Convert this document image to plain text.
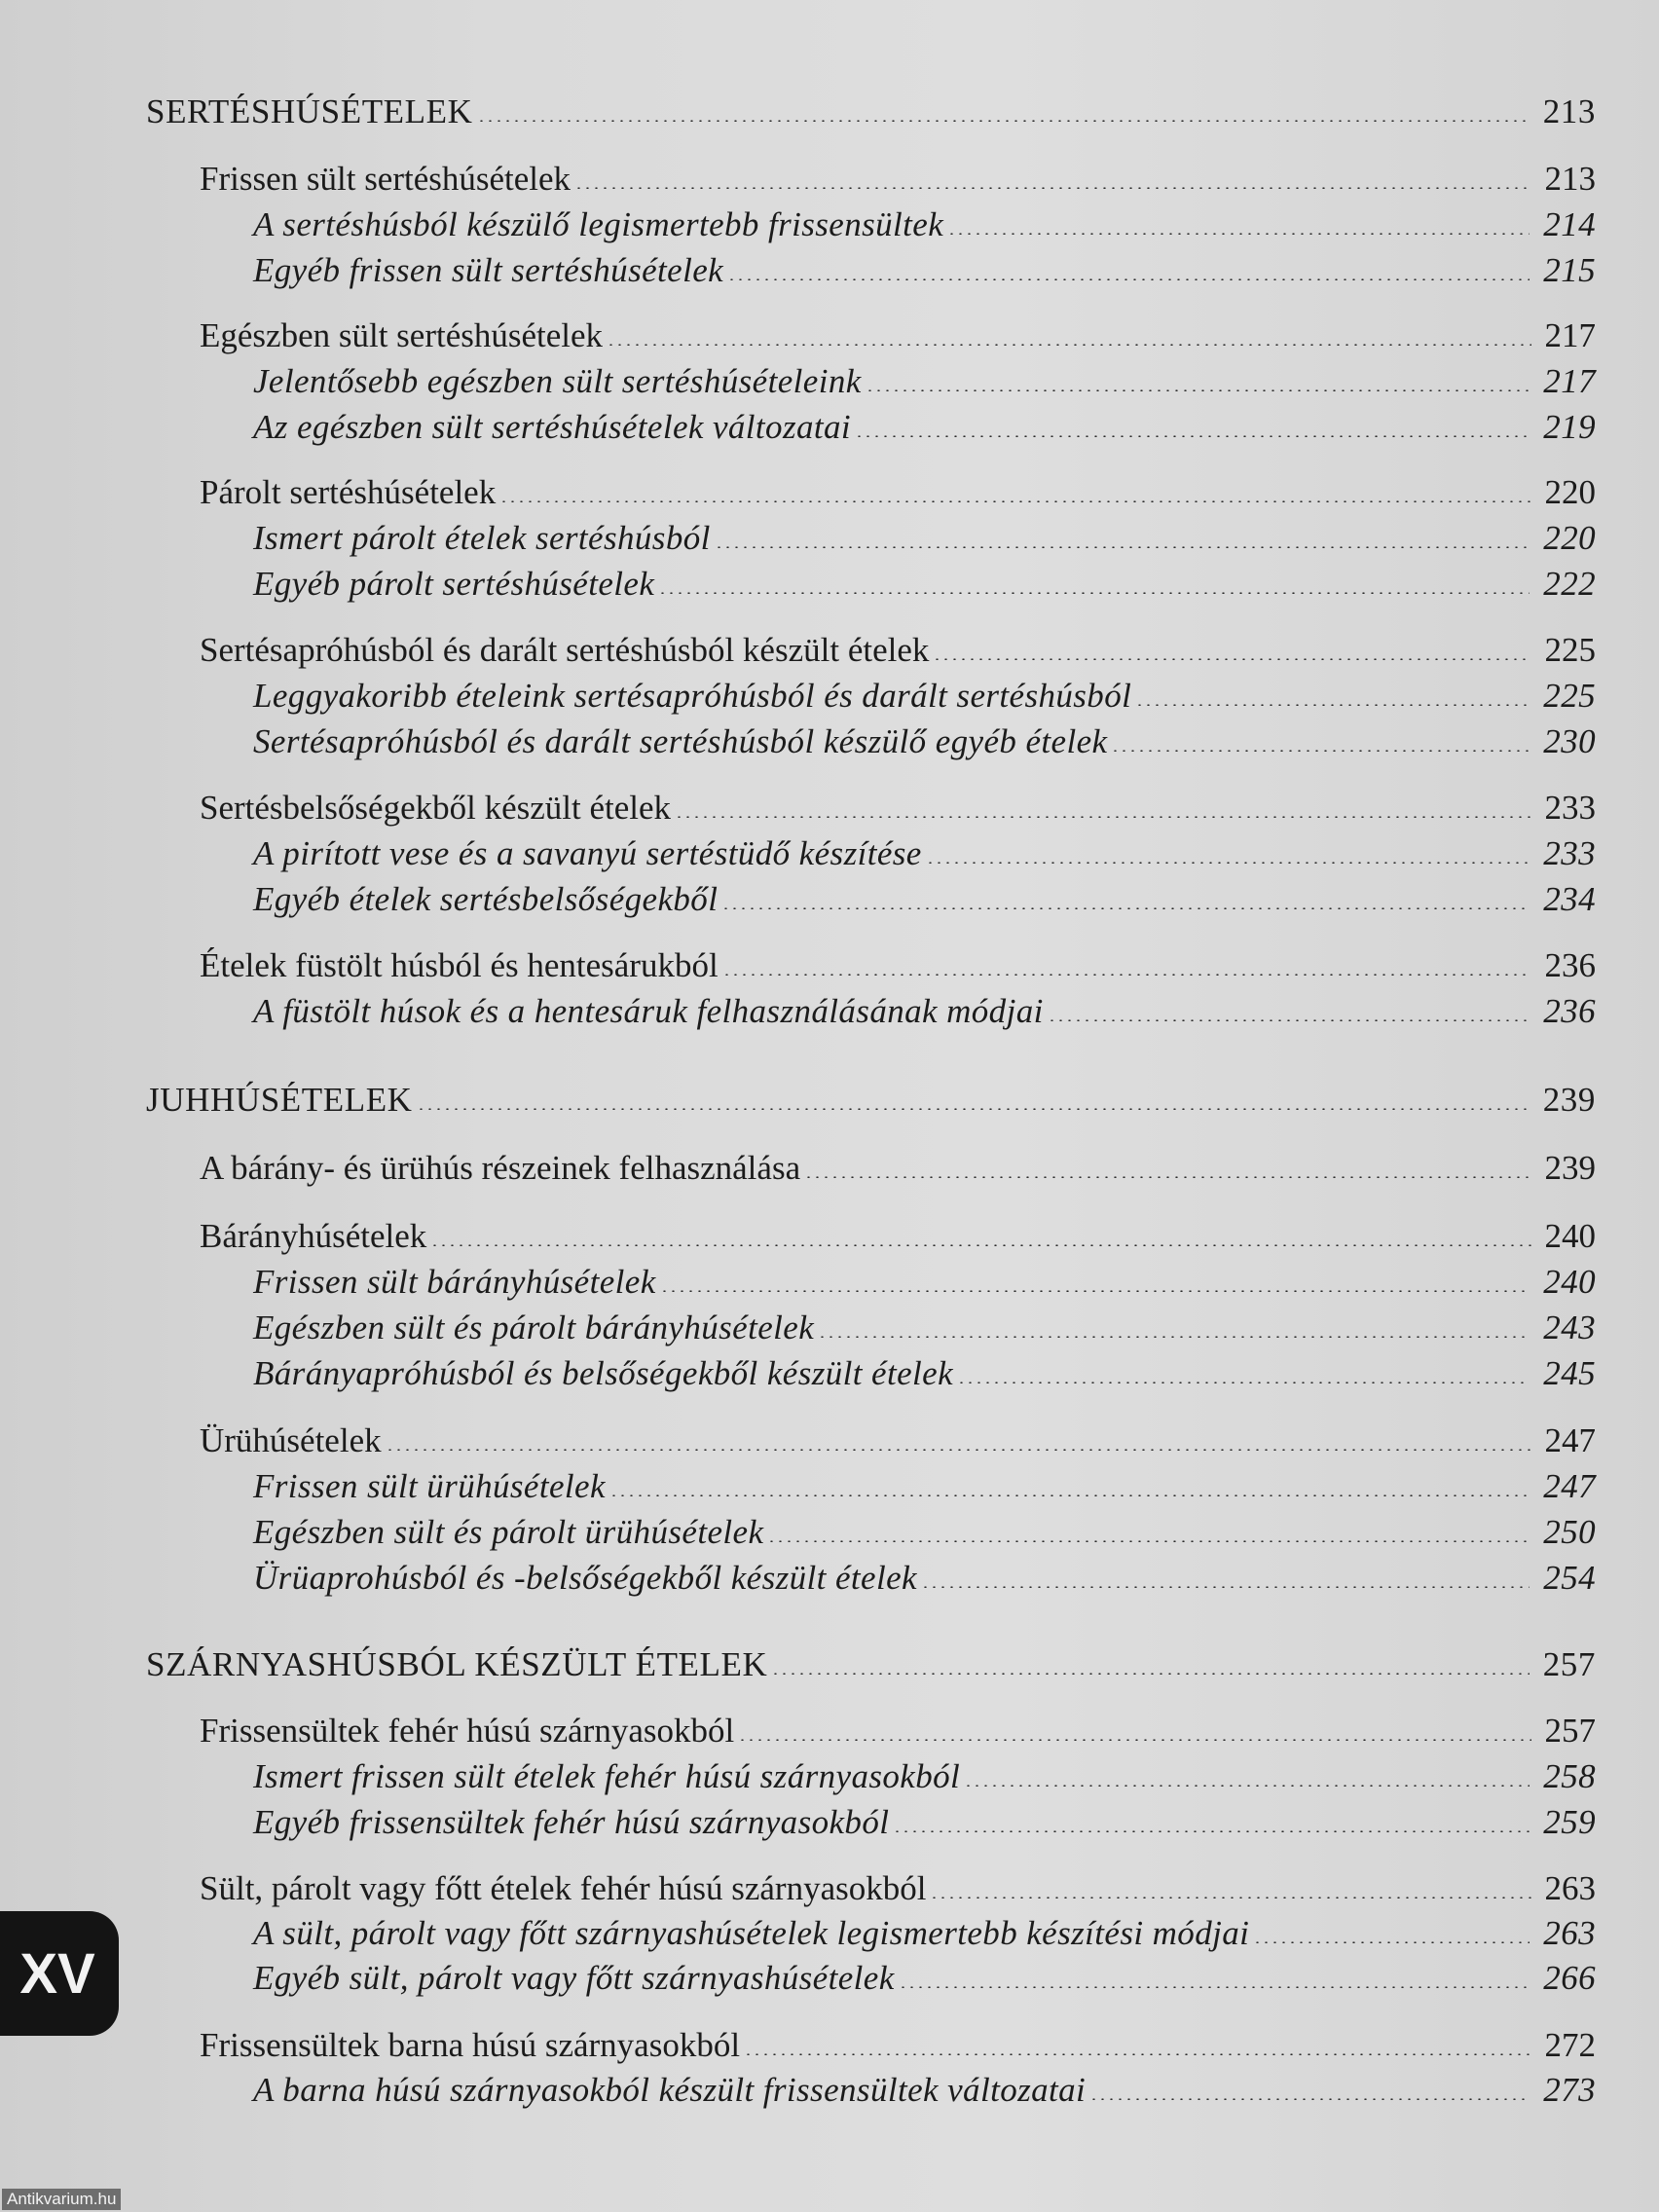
SERTÉSHÚSÉTELEK	213
Frissen sült sertéshúsételek	213
A sertéshúsból készülő legismertebb frissensültek	214
Egyéb frissen sült sertéshúsételek	215
Egészben sült sertéshúsételek	217
Jelentősebb egészben sült sertéshúsételeink	217
Az egészben sült sertéshúsételek változatai	219
Párolt sertéshúsételek	220
Ismert párolt ételek sertéshúsból	220
Egyéb párolt sertéshúsételek	222
Sertésapróhúsból és darált sertéshúsból készült ételek	225
Leggyakoribb ételeink sertésapróhúsból és darált sertéshúsból	225
Sertésapróhúsból és darált sertéshúsból készülő egyéb ételek	230
Sertésbelsőségekből készült ételek	233
A pirított vese és a savanyú sertéstüdő készítése	233
Egyéb ételek sertésbelsőségekből	234
Ételek füstölt húsból és hentesárukból	236
A füstölt húsok és a hentesáruk felhasználásának módjai	236
JUHHÚSÉTELEK	239
A bárány- és ürühús részeinek felhasználása	239
Bárányhúsételek	240
Frissen sült bárányhúsételek	240
Egészben sült és párolt bárányhúsételek	243
Bárányapróhúsból és belsőségekből készült ételek	245
Ürühúsételek	247
Frissen sült ürühúsételek	247
Egészben sült és párolt ürühúsételek	250
Ürüaprohúsból és -belsőségekből készült ételek	254
SZÁRNYASHÚSBÓL KÉSZÜLT ÉTELEK	257
Frissensültek fehér húsú szárnyasokból	257
Ismert frissen sült ételek fehér húsú szárnyasokból	258
Egyéb frissensültek fehér húsú szárnyasokból	259
Sült, párolt vagy főtt ételek fehér húsú szárnyasokból	263
A sült, párolt vagy főtt szárnyashúsételek legismertebb készítési módjai	263
Egyéb sült, párolt vagy főtt szárnyashúsételek	266
Frissensültek barna húsú szárnyasokból	272
A barna húsú szárnyasokból készült frissensültek változatai	273
XV
Antikvarium.hu
